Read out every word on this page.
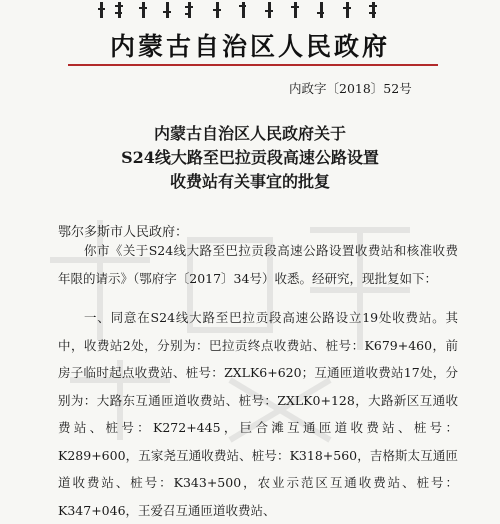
内蒙古自治区人民政府
内政字〔2018〕52号
内蒙古自治区人民政府关于
S24线大路至巴拉贡段高速公路设置
收费站有关事宜的批复
鄂尔多斯市人民政府：
你市《关于S24线大路至巴拉贡段高速公路设置收费站和核准收费年限的请示》（鄂府字〔2017〕34号）收悉。经研究，现批复如下：
一、同意在S24线大路至巴拉贡段高速公路设立19处收费站。其中，收费站2处，分别为：巴拉贡终点收费站、桩号：K679+460，前房子临时起点收费站、桩号：ZXLK6+620；互通匝道收费站17处，分别为：大路东互通匝道收费站、桩号：ZXLK0+128，大路新区互通收费站、桩号：K272+445，巨合滩互通匝道收费站、桩号：K289+600，五家尧互通收费站、桩号：K318+560，吉格斯太互通匝道收费站、桩号：K343+500，农业示范区互通收费站、桩号：K347+046，王爱召互通匝道收费站、
